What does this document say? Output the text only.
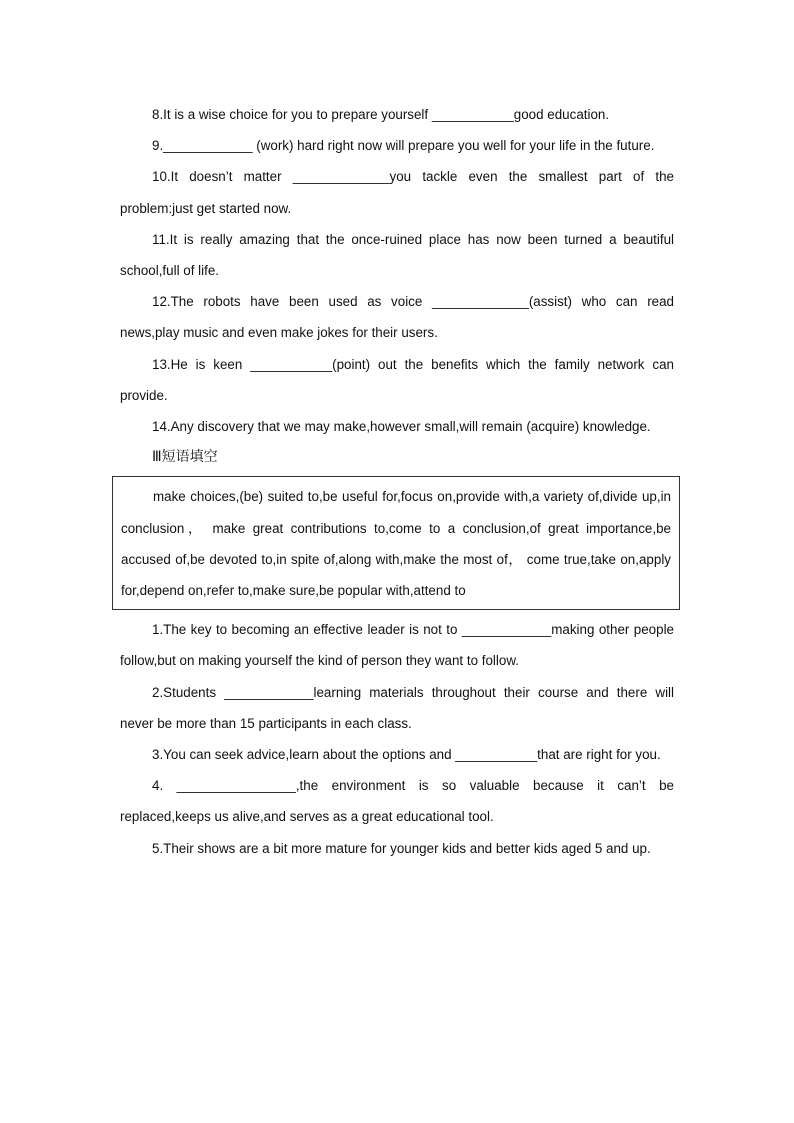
8.It is a wise choice for you to prepare yourself ___________good education.

9.____________ (work) hard right now will prepare you well for your life in the future.

10.It doesn’t matter _____________you tackle even the smallest part of the problem:just get started now.

11.It is really amazing that the once-ruined place has now been turned a beautiful school,full of life.

12.The robots have been used as voice _____________(assist) who can read news,play music and even make jokes for their users.

13.He is keen ___________(point) out the benefits which the family network can provide.

14.Any discovery that we may make,however small,will remain (acquire) knowledge.

Ⅲ短语填空

make choices,(be) suited to,be useful for,focus on,provide with,a variety of,divide up,in conclusion， make great contributions to,come to a conclusion,of great importance,be accused of,be devoted to,in spite of,along with,make the most of， come true,take on,apply for,depend on,refer to,make sure,be popular with,attend to

1.The key to becoming an effective leader is not to ____________making other people follow,but on making yourself the kind of person they want to follow.

2.Students ____________learning materials throughout their course and there will never be more than 15 participants in each class.

3.You can seek advice,learn about the options and ___________that are right for you.

4. ________________,the environment is so valuable because it can’t be replaced,keeps us alive,and serves as a great educational tool.

5.Their shows are a bit more mature for younger kids and better kids aged 5 and up.
